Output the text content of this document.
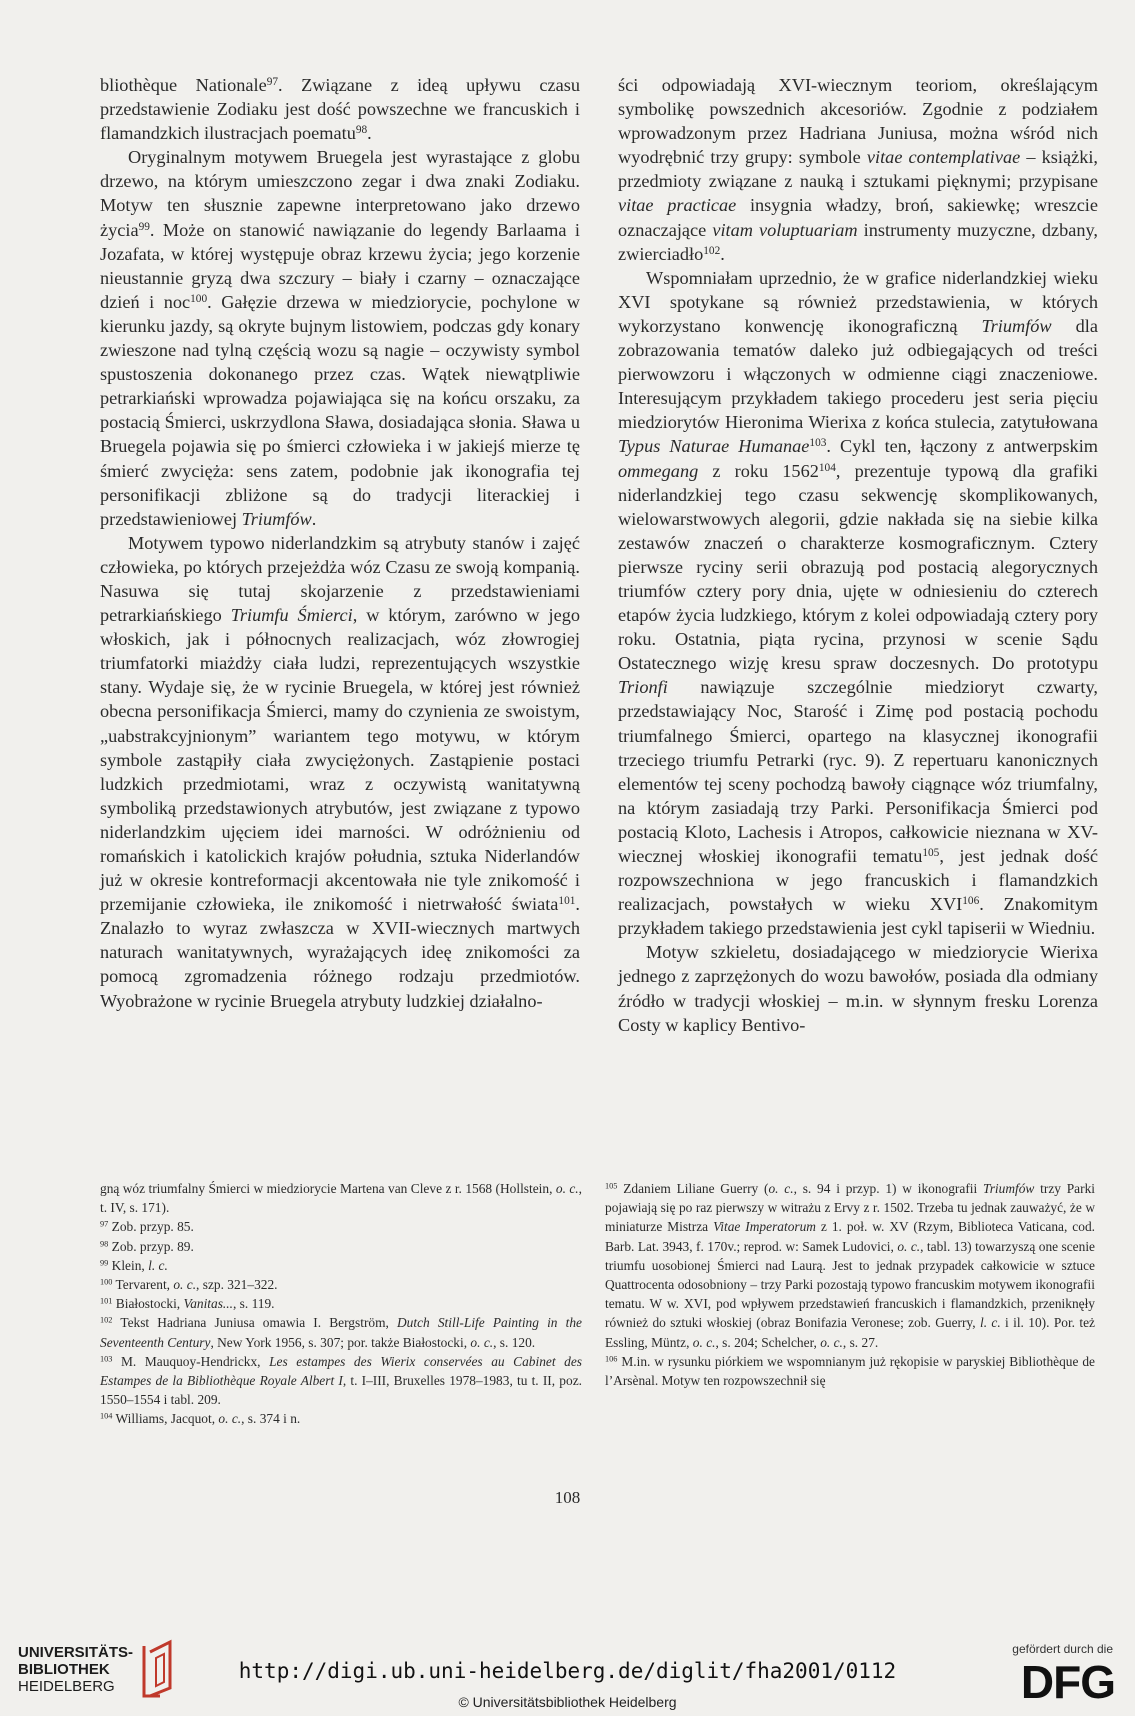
bliothèque Nationale$^{97}$. Związane z ideą upływu czasu przedstawienie Zodiaku jest dość powszechne we francuskich i flamandzkich ilustracjach poematu$^{98}$.

Oryginalnym motywem Bruegela jest wyrastające z globu drzewo, na którym umieszczono zegar i dwa znaki Zodiaku. Motyw ten słusznie zapewne interpretowano jako drzewo życia$^{99}$. Może on stanowić nawiązanie do legendy Barlaama i Jozafata, w której występuje obraz krzewu życia; jego korzenie nieustannie gryzą dwa szczury – biały i czarny – oznaczające dzień i noc$^{100}$. Gałęzie drzewa w miedziorycie, pochylone w kierunku jazdy, są okryte bujnym listowiem, podczas gdy konary zwieszone nad tylną częścią wozu są nagie – oczywisty symbol spustoszenia dokonanego przez czas. Wątek niewątpliwie petrarkiański wprowadza pojawiająca się na końcu orszaku, za postacią Śmierci, uskrzydlona Sława, dosiadająca słonia. Sława u Bruegela pojawia się po śmierci człowieka i w jakiejś mierze tę śmierć zwycięża: sens zatem, podobnie jak ikonografia tej personifikacji zbliżone są do tradycji literackiej i przedstawieniowej Triumfów.

Motywem typowo niderlandzkim są atrybuty stanów i zajęć człowieka, po których przejeżdża wóz Czasu ze swoją kompanią. Nasuwa się tutaj skojarzenie z przedstawieniami petrarkiańskiego Triumfu Śmierci, w którym, zarówno w jego włoskich, jak i północnych realizacjach, wóz złowrogiej triumfatorki miażdży ciała ludzi, reprezentujących wszystkie stany. Wydaje się, że w rycinie Bruegela, w której jest również obecna personifikacja Śmierci, mamy do czynienia ze swoistym, „uabstrakcyjnionym” wariantem tego motywu, w którym symbole zastąpiły ciała zwyciężonych. Zastąpienie postaci ludzkich przedmiotami, wraz z oczywistą wanitatywną symboliką przedstawionych atrybutów, jest związane z typowo niderlandzkim ujęciem idei marności. W odróżnieniu od romańskich i katolickich krajów południa, sztuka Niderlandów już w okresie kontreformacji akcentowała nie tyle znikomość i przemijanie człowieka, ile znikomość i nietrwałość świata$^{101}$. Znalazło to wyraz zwłaszcza w XVII-wiecznych martwych naturach wanitatywnych, wyrażających ideę znikomości za pomocą zgromadzenia różnego rodzaju przedmiotów. Wyobrażone w rycinie Bruegela atrybuty ludzkiej działalno-

ści odpowiadają XVI-wiecznym teoriom, określającym symbolikę powszednich akcesoriów. Zgodnie z podziałem wprowadzonym przez Hadriana Juniusa, można wśród nich wyodrębnić trzy grupy: symbole vitae contemplativae – książki, przedmioty związane z nauką i sztukami pięknymi; przypisane vitae practicae insygnia władzy, broń, sakiewkę; wreszcie oznaczające vitam voluptuariam instrumenty muzyczne, dzbany, zwierciadło$^{102}$.

Wspomniałam uprzednio, że w grafice niderlandzkiej wieku XVI spotykane są również przedstawienia, w których wykorzystano konwencję ikonograficzną Triumfów dla zobrazowania tematów daleko już odbiegających od treści pierwowzoru i włączonych w odmienne ciągi znaczeniowe. Interesującym przykładem takiego procederu jest seria pięciu miedziorytów Hieronima Wierixa z końca stulecia, zatytułowana Typus Naturae Humanae$^{103}$. Cykl ten, łączony z antwerpskim ommegang z roku 1562$^{104}$, prezentuje typową dla grafiki niderlandzkiej tego czasu sekwencję skomplikowanych, wielowarstwowych alegorii, gdzie nakłada się na siebie kilka zestawów znaczeń o charakterze kosmograficznym. Cztery pierwsze ryciny serii obrazują pod postacią alegorycznych triumfów cztery pory dnia, ujęte w odniesieniu do czterech etapów życia ludzkiego, którym z kolei odpowiadają cztery pory roku. Ostatnia, piąta rycina, przynosi w scenie Sądu Ostatecznego wizję kresu spraw doczesnych. Do prototypu Trionfi nawiązuje szczególnie miedzioryt czwarty, przedstawiający Noc, Starość i Zimę pod postacią pochodu triumfalnego Śmierci, opartego na klasycznej ikonografii trzeciego triumfu Petrarki (ryc. 9). Z repertuaru kanonicznych elementów tej sceny pochodzą bawoły ciągnące wóz triumfalny, na którym zasiadają trzy Parki. Personifikacja Śmierci pod postacią Kloto, Lachesis i Atropos, całkowicie nieznana w XV-wiecznej włoskiej ikonografii tematu$^{105}$, jest jednak dość rozpowszechniona w jego francuskich i flamandzkich realizacjach, powstałych w wieku XVI$^{106}$. Znakomitym przykładem takiego przedstawienia jest cykl tapiserii w Wiedniu.

Motyw szkieletu, dosiadającego w miedziorycie Wierixa jednego z zaprzężonych do wozu bawołów, posiada dla odmiany źródło w tradycji włoskiej – m.in. w słynnym fresku Lorenza Costy w kaplicy Bentivo-

gną wóz triumfalny Śmierci w miedziorycie Martena van Cleve z r. 1568 (Hollstein, o. c., t. IV, s. 171).
$^{97}$ Zob. przyp. 85.
$^{98}$ Zob. przyp. 89.
$^{99}$ Klein, l. c.
$^{100}$ Tervarent, o. c., szp. 321–322.
$^{101}$ Białostocki, Vanitas..., s. 119.
$^{102}$ Tekst Hadriana Juniusa omawia I. Bergström, Dutch Still-Life Painting in the Seventeenth Century, New York 1956, s. 307; por. także Białostocki, o. c., s. 120.
$^{103}$ M. Mauquoy-Hendrickx, Les estampes des Wierix conservées au Cabinet des Estampes de la Bibliothèque Royale Albert I, t. I–III, Bruxelles 1978–1983, tu t. II, poz. 1550–1554 i tabl. 209.
$^{104}$ Williams, Jacquot, o. c., s. 374 i n.
$^{105}$ Zdaniem Liliane Guerry (o. c., s. 94 i przyp. 1) w ikonografii Triumfów trzy Parki pojawiają się po raz pierwszy w witrażu z Ervy z r. 1502. Trzeba tu jednak zauważyć, że w miniaturze Mistrza Vitae Imperatorum z 1. poł. w. XV (Rzym, Biblioteca Vaticana, cod. Barb. Lat. 3943, f. 170v.; reprod. w: Samek Ludovici, o. c., tabl. 13) towarzyszą one scenie triumfu uosobionej Śmierci nad Laurą. Jest to jednak przypadek całkowicie w sztuce Quattrocenta odosobniony – trzy Parki pozostają typowo francuskim motywem ikonografii tematu. W w. XVI, pod wpływem przedstawień francuskich i flamandzkich, przeniknęły również do sztuki włoskiej (obraz Bonifazia Veronese; zob. Guerry, l. c. i il. 10). Por. też Essling, Müntz, o. c., s. 204; Schelcher, o. c., s. 27.
$^{106}$ M.in. w rysunku piórkiem we wspomnianym już rękopisie w paryskiej Bibliothèque de l’Arsènal. Motyw ten rozpowszechnił się
108
UNIVERSITÄTS-
BIBLIOTHEK
HEIDELBERG
http://digi.ub.uni-heidelberg.de/diglit/fha2001/0112
© Universitätsbibliothek Heidelberg
gefördert durch die
DFG
